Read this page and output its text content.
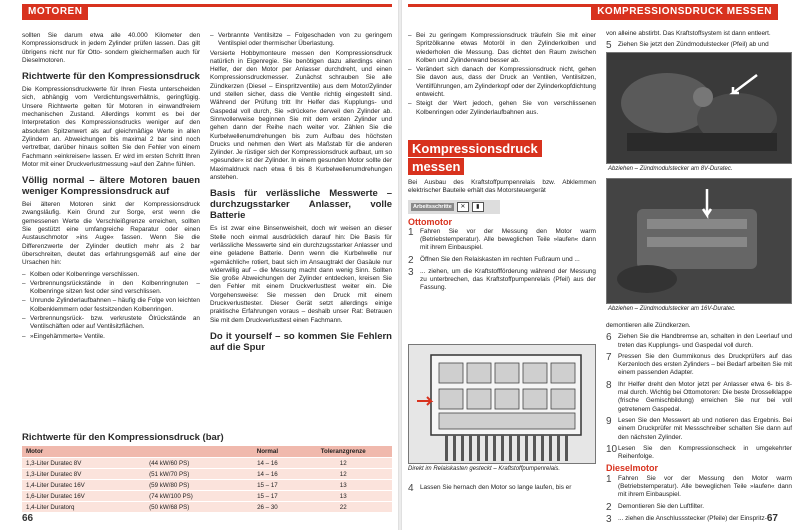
MOTOREN

sollten Sie darum etwa alle 40.000 Kilometer den Kompressionsdruck in jedem Zylinder prüfen lassen. Das gilt übrigens nicht nur für Otto- sondern gleichermaßen auch für Dieselmotoren.

Richtwerte für den Kompressionsdruck

Die Kompressionsdruckwerte für Ihren Fiesta unterscheiden sich, abhängig vom Verdichtungsverhältnis, geringfügig. Unsere Richtwerte gelten für Motoren in einwandfreiem mechanischen Zustand. Allerdings kommt es bei der Interpretation des Kompressionsdrucks weniger auf den absoluten Spitzenwert als auf gleichmäßige Werte in allen Zylindern an. Abweichungen bis maximal 2 bar sind noch vertretbar, darüber hinaus sollten Sie den Fehler von einem Fachmann »einkreisen« lassen. Er wird im ersten Schritt Ihren Motor mit einer Druckverlustmessung »auf den Zahn« fühlen.

Völlig normal – ältere Motoren bauen weniger Kompressionsdruck auf

Bei älteren Motoren sinkt der Kompressionsdruck zwangsläufig. Kein Grund zur Sorge, erst wenn die gemessenen Werte die Verschleißgrenze erreichen, sollten Sie gestützt eine umfangreiche Reparatur oder einen Austauschmotor »ins Auge« fassen. Wenn Sie die Differenzwerte der Zylinder deutlich mehr als 2 bar überschreiten, deutet das erfahrungsgemäß auf eine der Ursachen hin:

– Kolben oder Kolbenringe verschlissen.
– Verbrennungsrückstände in den Kolbenringnuten – Kolbenringe sitzen fest oder sind verschlissen.
– Unrunde Zylinderlaufbahnen – häufig die Folge von leichten Kolbenklemmern oder festsitzenden Kolbenringen.
– Verbrennungsrück- bzw. verkrustete Ölrückstände an Ventilschäften oder auf Ventilsitzflächen.
– »Eingehämmerte« Ventile.
– Verbrannte Ventilsitze – Folgeschaden von zu geringem Ventilspiel oder thermischer Überlastung.

Versierte Hobbymonteure messen den Kompressionsdruck natürlich in Eigenregie. Sie benötigen dazu allerdings einen Helfer, der den Motor per Anlasser durchdreht, und einen Kompressionsdruckmesser. Zunächst schrauben Sie alle Zündkerzen (Diesel – Einspritzventile) aus dem Motor/Zylinder und stellen sicher, dass die Ventile richtig eingestellt sind. Während der Prüfung tritt Ihr Helfer das Kupplungs- und Gaspedal voll durch, Sie »drücken« derweil den Zylinder ab. Sinnvollerweise beginnen Sie mit dem ersten Zylinder und gehen dann der Reihe nach weiter vor. Zählen Sie die Kurbelwellenumdrehungen bis zum Aufbau des höchsten Drucks und nehmen den Wert als Maßstab für die anderen Zylinder. Je rüstiger sich der Kompressionsdruck aufbaut, um so »gesunder« ist der Zylinder. In einem gesunden Motor sollte der Maximaldruck nach etwa 6 bis 8 Kurbelwellenumdrehungen anstehen.

Basis für verlässliche Messwerte – durchzugsstarker Anlasser, volle Batterie

Es ist zwar eine Binsenweisheit, doch wir weisen an dieser Stelle noch einmal ausdrücklich darauf hin: Die Basis für verlässliche Messwerte sind ein durchzugsstarker Anlasser und eine geladene Batterie. Denn wenn die Kurbelwelle nur »gemächlich« rotiert, baut sich im Ansaugtrakt der Gasäule nur widerwillig auf – die Messung macht dann wenig Sinn. Sollten Sie große Abweichungen der Zylinder entdecken, kreisen Sie den Fehler mit einem Druckverlusttest weiter ein. Die Vorgehensweise: Sie messen den Druck mit einem Druckverlusttester. Dieser Gerät setzt allerdings einige praktische Erfahrungen voraus – deshalb unser Rat: Betrauen Sie mit dem Druckverlusttest einen Fachmann.

Do it yourself – so kommen Sie Fehlern auf die Spur
Richtwerte für den Kompressionsdruck (bar)
Motor		Normal	Toleranzgrenze
1,3-Liter Duratec 8V	(44 kW/60 PS)	14 – 16	12
1,3-Liter Duratec 8V	(51 kW/70 PS)	14 – 16	12
1,4-Liter Duratec 16V	(59 kW/80 PS)	15 – 17	13
1,6-Liter Duratec 16V	(74 kW/100 PS)	15 – 17	13
1,4-Liter Duratorq	(50 kW/68 PS)	26 – 30	22
66
KOMPRESSIONSDRUCK MESSEN
– Bei zu geringem Kompressionsdruck träufeln Sie mit einer Spritzölkanne etwas Motoröl in den Zylinderkolben und wiederholen die Messung. Das dichtet den Raum zwischen Kolben und Zylinderwand besser ab.
– Verändert sich danach der Kompressionsdruck nicht, gehen Sie davon aus, dass der Druck an Ventilen, Ventilsitzen, Ventilführungen, am Zylinderkopf oder der Zylinderkopfdichtung entweicht.
– Steigt der Wert jedoch, gehen Sie von verschlissenen Kolbenringen oder Zylinderlaufbahnen aus.
Kompressionsdruck
messen

Bei Ausbau des Kraftstoffpumpenrelais bzw. Abklemmen elektrischer Bauteile erhält das Motorsteuergerät

Arbeitsschritte	✕	▮
Ottomotor
1	Fahren Sie vor der Messung den Motor warm (Betriebstemperatur). Alle beweglichen Teile »laufen« dann mit ihrem Einbauspiel.
2	Öffnen Sie den Relaiskasten im rechten Fußraum und ...
3	... ziehen, um die Kraftstoffförderung während der Messung zu unterbrechen, das Kraftstoffpumpenrelais (Pfeil) aus der Fassung.
Direkt im Relaiskasten gesteckt – Kraftstoffpumpenrelais.
4	Lassen Sie hernach den Motor so lange laufen, bis er

von alleine abstirbt. Das Kraftstoffsystem ist dann entleert.

5	Ziehen Sie jetzt den Zündmodulstecker (Pfeil) ab und
Abziehen – Zündmodulstecker am 8V-Duratec.
Abziehen – Zündmodulstecker am 16V-Duratec.

demontieren alle Zündkerzen.

6	Ziehen Sie die Handbremse an, schalten in den Leerlauf und treten das Kupplungs- und Gaspedal voll durch.
7	Pressen Sie den Gummikonus des Druckprüfers auf das Kerzenloch des ersten Zylinders – bei Bedarf arbeiten Sie mit einem passenden Adapter.
8	Ihr Helfer dreht den Motor jetzt per Anlasser etwa 6- bis 8-mal durch. Wichtig bei Ottomotoren: Die beste Drosselklappe (frische Gemischbildung) erreichen Sie nur bei voll getretenem Gaspedal.
9	Lesen Sie den Messwert ab und notieren das Ergebnis. Bei einem Druckprüfer mit Messschreiber schalten Sie dann auf den nächsten Zylinder.
10 Lesen Sie den Kompressionscheck in umgekehrter Reihenfolge.
Dieselmotor
1	Fahren Sie vor der Messung den Motor warm (Betriebstemperatur). Alle beweglichen Teile »laufen« dann mit ihrem Einbauspiel.
2	Demontieren Sie den Luftfilter.
3	... ziehen die Anschlussstecker (Pfeile) der Einspritz- 67
